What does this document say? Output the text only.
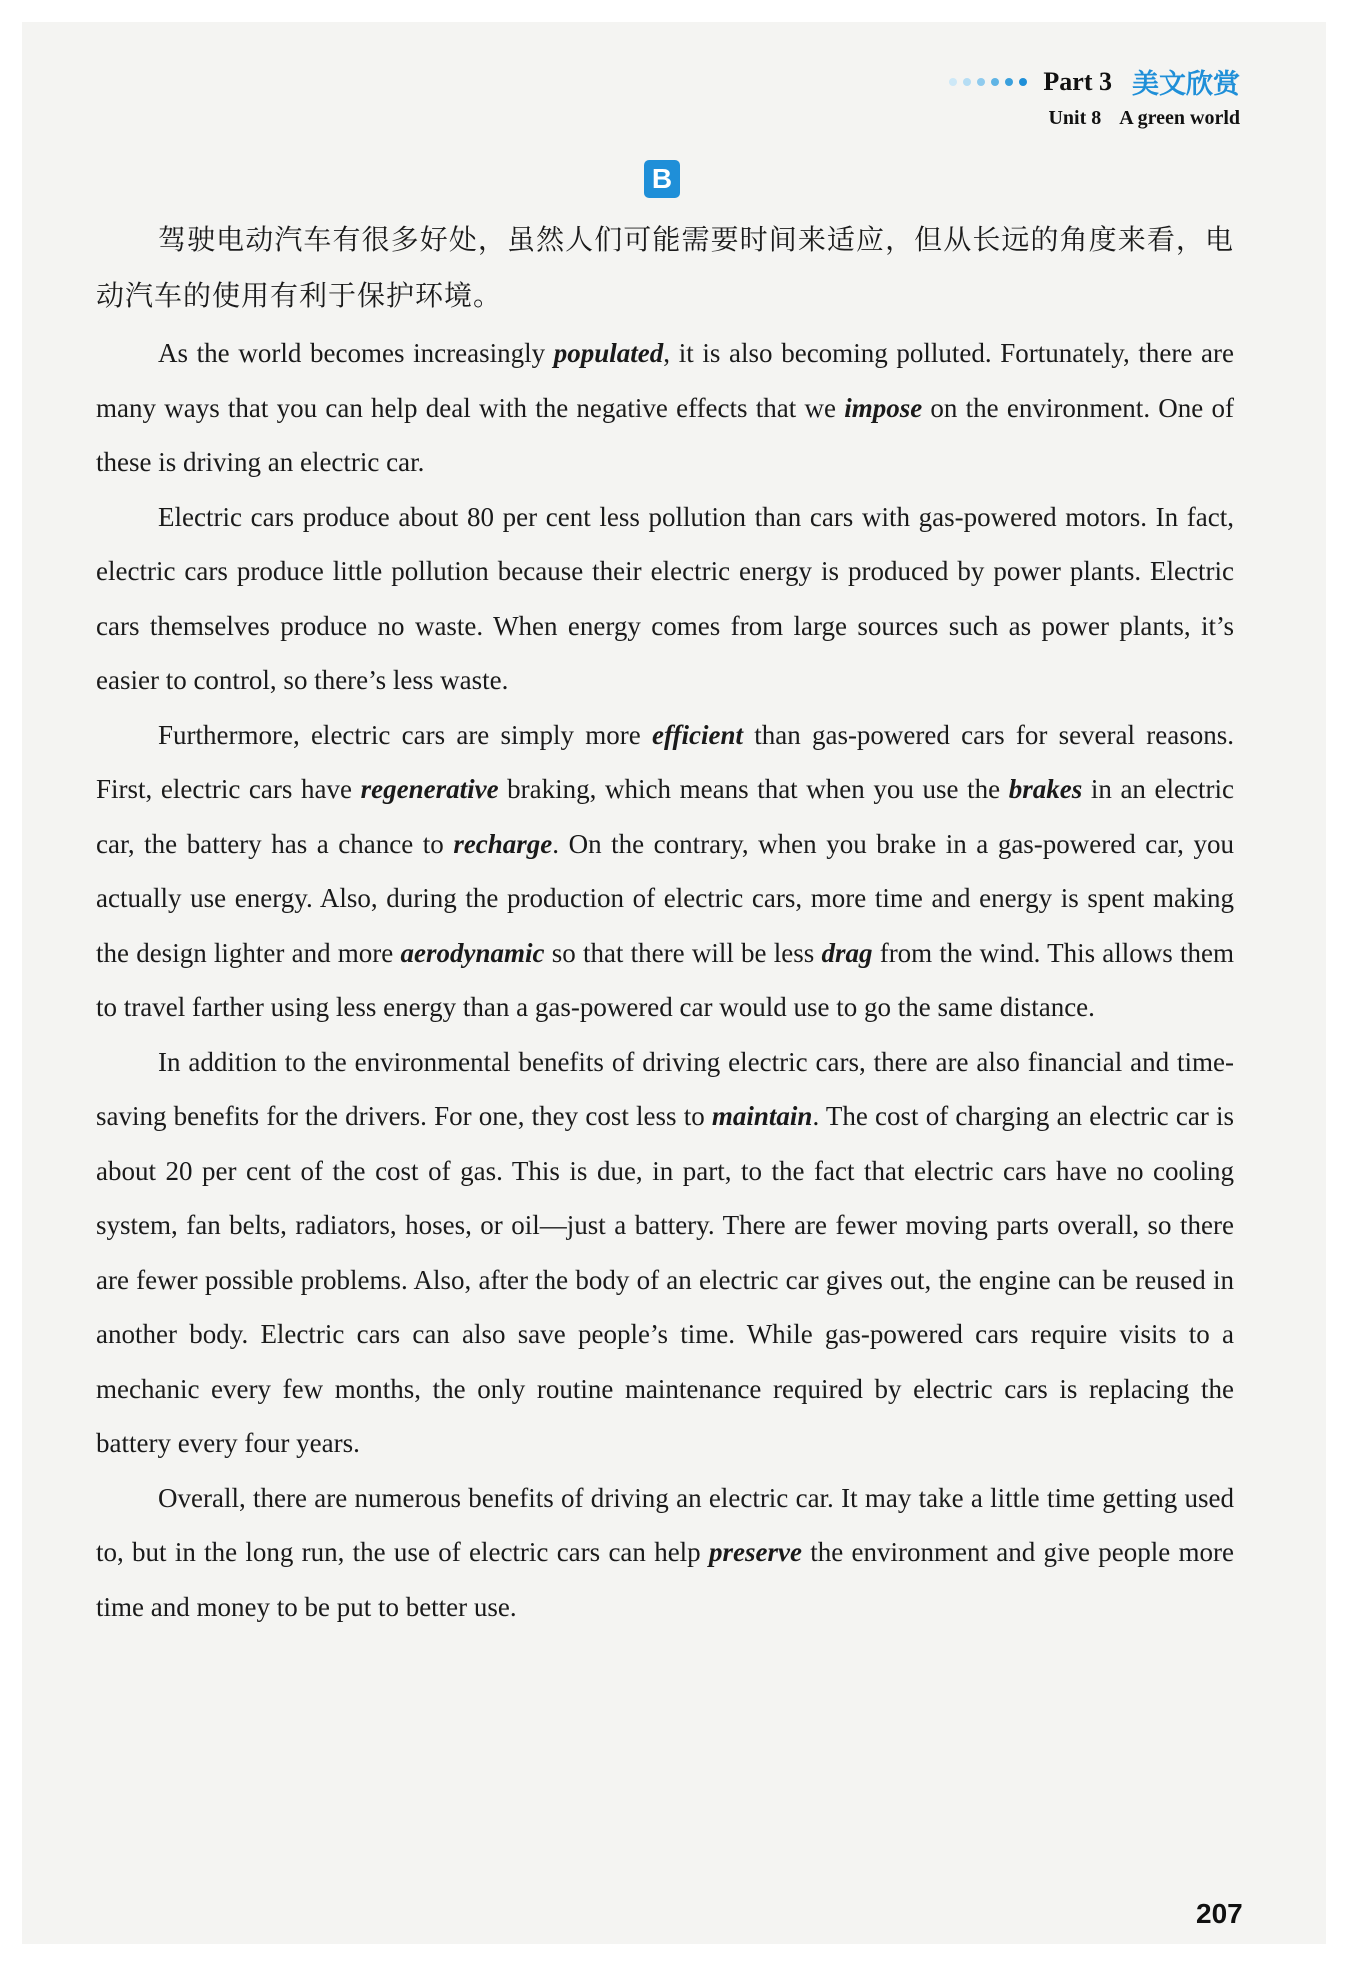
Part 3 美文欣赏
Unit 8 A green world
B

驾驶电动汽车有很多好处，虽然人们可能需要时间来适应，但从长远的角度来看，电动汽车的使用有利于保护环境。

As the world becomes increasingly populated, it is also becoming polluted. Fortunately, there are many ways that you can help deal with the negative effects that we impose on the environment. One of these is driving an electric car.

Electric cars produce about 80 per cent less pollution than cars with gas-powered motors. In fact, electric cars produce little pollution because their electric energy is produced by power plants. Electric cars themselves produce no waste. When energy comes from large sources such as power plants, it’s easier to control, so there’s less waste.

Furthermore, electric cars are simply more efficient than gas-powered cars for several reasons. First, electric cars have regenerative braking, which means that when you use the brakes in an electric car, the battery has a chance to recharge. On the contrary, when you brake in a gas-powered car, you actually use energy. Also, during the production of electric cars, more time and energy is spent making the design lighter and more aerodynamic so that there will be less drag from the wind. This allows them to travel farther using less energy than a gas-powered car would use to go the same distance.

In addition to the environmental benefits of driving electric cars, there are also financial and time-saving benefits for the drivers. For one, they cost less to maintain. The cost of charging an electric car is about 20 per cent of the cost of gas. This is due, in part, to the fact that electric cars have no cooling system, fan belts, radiators, hoses, or oil—just a battery. There are fewer moving parts overall, so there are fewer possible problems. Also, after the body of an electric car gives out, the engine can be reused in another body. Electric cars can also save people’s time. While gas-powered cars require visits to a mechanic every few months, the only routine maintenance required by electric cars is replacing the battery every four years.

Overall, there are numerous benefits of driving an electric car. It may take a little time getting used to, but in the long run, the use of electric cars can help preserve the environment and give people more time and money to be put to better use.

207
